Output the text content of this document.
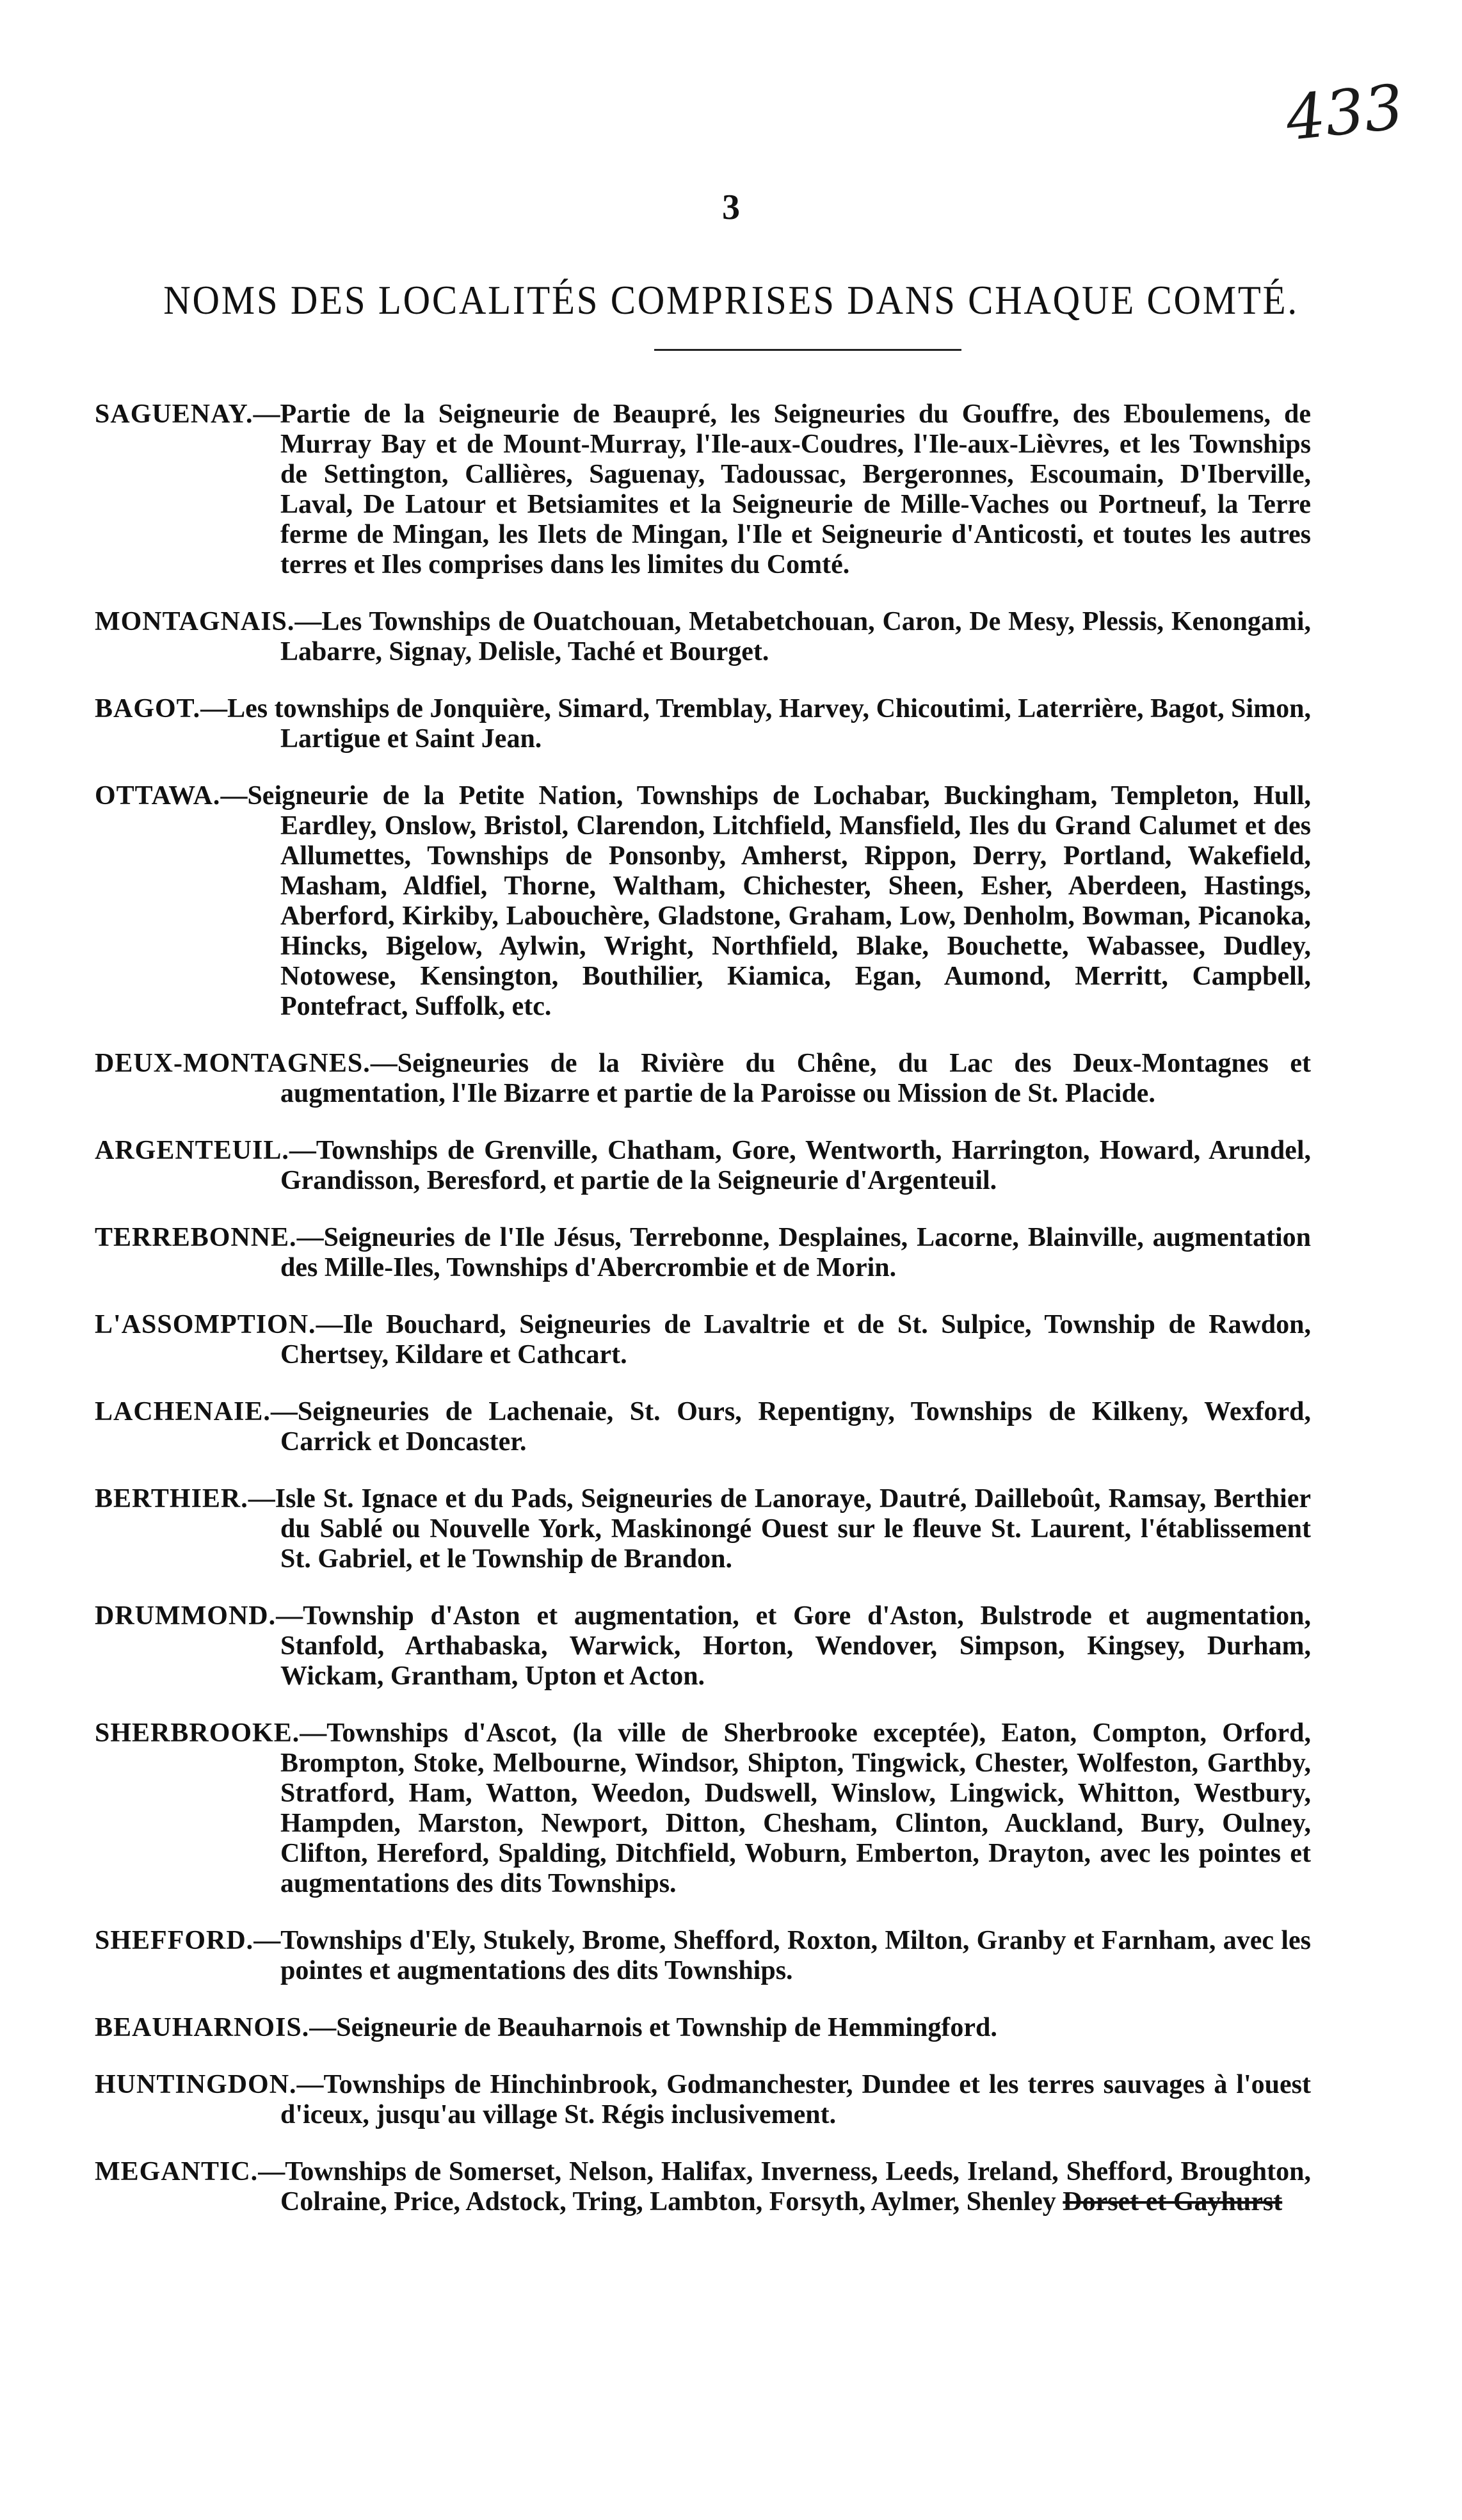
433
3
NOMS DES LOCALITÉS COMPRISES DANS CHAQUE COMTÉ.

SAGUENAY.—Partie de la Seigneurie de Beaupré, les Seigneuries du Gouffre, des Eboulemens, de Murray Bay et de Mount-Murray, l'Ile-aux-Coudres, l'Ile-aux-Lièvres, et les Townships de Settington, Callières, Saguenay, Tadoussac, Bergeronnes, Escoumain, D'Iberville, Laval, De Latour et Betsiamites et la Seigneurie de Mille-Vaches ou Portneuf, la Terre ferme de Mingan, les Ilets de Mingan, l'Ile et Seigneurie d'Anticosti, et toutes les autres terres et Iles comprises dans les limites du Comté.

MONTAGNAIS.—Les Townships de Ouatchouan, Metabetchouan, Caron, De Mesy, Plessis, Kenongami, Labarre, Signay, Delisle, Taché et Bourget.

BAGOT.—Les townships de Jonquière, Simard, Tremblay, Harvey, Chicoutimi, Laterrière, Bagot, Simon, Lartigue et Saint Jean.

OTTAWA.—Seigneurie de la Petite Nation, Townships de Lochabar, Buckingham, Templeton, Hull, Eardley, Onslow, Bristol, Clarendon, Litchfield, Mansfield, Iles du Grand Calumet et des Allumettes, Townships de Ponsonby, Amherst, Rippon, Derry, Portland, Wakefield, Masham, Aldfiel, Thorne, Waltham, Chichester, Sheen, Esher, Aberdeen, Hastings, Aberford, Kirkiby, Labouchère, Gladstone, Graham, Low, Denholm, Bowman, Picanoka, Hincks, Bigelow, Aylwin, Wright, Northfield, Blake, Bouchette, Wabassee, Dudley, Notowese, Kensington, Bouthilier, Kiamica, Egan, Aumond, Merritt, Campbell, Pontefract, Suffolk, etc.

DEUX-MONTAGNES.—Seigneuries de la Rivière du Chêne, du Lac des Deux-Montagnes et augmentation, l'Ile Bizarre et partie de la Paroisse ou Mission de St. Placide.

ARGENTEUIL.—Townships de Grenville, Chatham, Gore, Wentworth, Harrington, Howard, Arundel, Grandisson, Beresford, et partie de la Seigneurie d'Argenteuil.

TERREBONNE.—Seigneuries de l'Ile Jésus, Terrebonne, Desplaines, Lacorne, Blainville, augmentation des Mille-Iles, Townships d'Abercrombie et de Morin.

L'ASSOMPTION.—Ile Bouchard, Seigneuries de Lavaltrie et de St. Sulpice, Township de Rawdon, Chertsey, Kildare et Cathcart.

LACHENAIE.—Seigneuries de Lachenaie, St. Ours, Repentigny, Townships de Kilkeny, Wexford, Carrick et Doncaster.

BERTHIER.—Isle St. Ignace et du Pads, Seigneuries de Lanoraye, Dautré, Dailleboût, Ramsay, Berthier du Sablé ou Nouvelle York, Maskinongé Ouest sur le fleuve St. Laurent, l'établissement St. Gabriel, et le Township de Brandon.

DRUMMOND.—Township d'Aston et augmentation, et Gore d'Aston, Bulstrode et augmentation, Stanfold, Arthabaska, Warwick, Horton, Wendover, Simpson, Kingsey, Durham, Wickam, Grantham, Upton et Acton.

SHERBROOKE.—Townships d'Ascot, (la ville de Sherbrooke exceptée), Eaton, Compton, Orford, Brompton, Stoke, Melbourne, Windsor, Shipton, Tingwick, Chester, Wolfeston, Garthby, Stratford, Ham, Watton, Weedon, Dudswell, Winslow, Lingwick, Whitton, Westbury, Hampden, Marston, Newport, Ditton, Chesham, Clinton, Auckland, Bury, Oulney, Clifton, Hereford, Spalding, Ditchfield, Woburn, Emberton, Drayton, avec les pointes et augmentations des dits Townships.

SHEFFORD.—Townships d'Ely, Stukely, Brome, Shefford, Roxton, Milton, Granby et Farnham, avec les pointes et augmentations des dits Townships.

BEAUHARNOIS.—Seigneurie de Beauharnois et Township de Hemmingford.

HUNTINGDON.—Townships de Hinchinbrook, Godmanchester, Dundee et les terres sauvages à l'ouest d'iceux, jusqu'au village St. Régis inclusivement.

MEGANTIC.—Townships de Somerset, Nelson, Halifax, Inverness, Leeds, Ireland, Shefford, Broughton, Colraine, Price, Adstock, Tring, Lambton, Forsyth, Aylmer, Shenley Dorset et Gayhurst
